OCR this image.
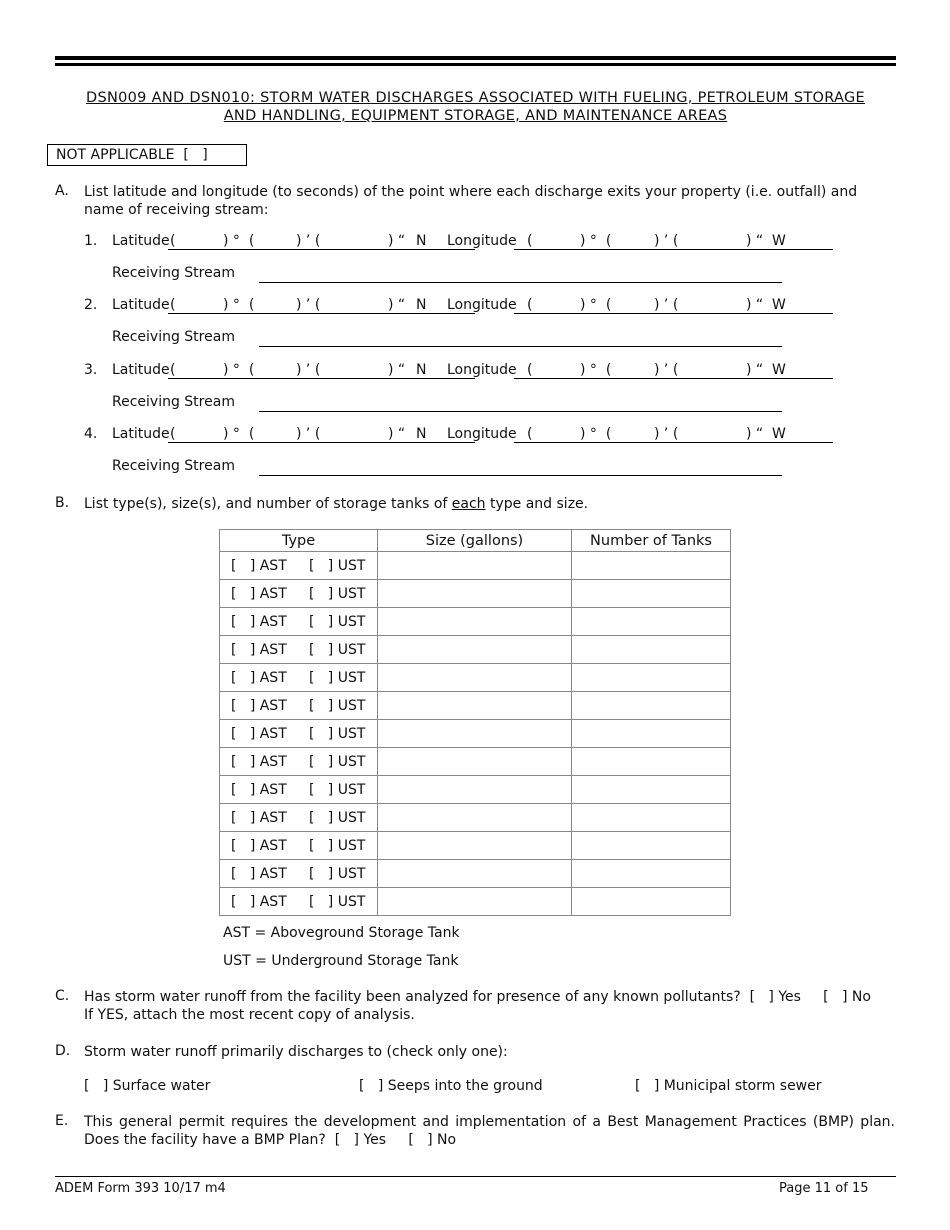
DSN009 AND DSN010: STORM WATER DISCHARGES ASSOCIATED WITH FUELING, PETROLEUM STORAGE
AND HANDLING, EQUIPMENT STORAGE, AND MAINTENANCE AREAS
NOT APPLICABLE  [   ]
A. List latitude and longitude (to seconds) of the point where each discharge exits your property (i.e. outfall) and name of receiving stream:
1. Latitude (	) °  (	) ’ (	) “ N Longitude (	) °  (	) ’ (	) “ W
Receiving Stream
2. Latitude (	) °  (	) ’ (	) “ N Longitude (	) °  (	) ’ (	) “ W
Receiving Stream
3. Latitude (	) °  (	) ’ (	) “ N Longitude (	) °  (	) ’ (	) “ W
Receiving Stream
4. Latitude (	) °  (	) ’ (	) “ N Longitude (	) °  (	) ’ (	) “ W
Receiving Stream
B. List type(s), size(s), and number of storage tanks of each type and size.
Type	Size (gallons)	Number of Tanks
[   ] AST     [   ] UST		
[   ] AST     [   ] UST		
[   ] AST     [   ] UST		
[   ] AST     [   ] UST		
[   ] AST     [   ] UST		
[   ] AST     [   ] UST		
[   ] AST     [   ] UST		
[   ] AST     [   ] UST		
[   ] AST     [   ] UST		
[   ] AST     [   ] UST		
[   ] AST     [   ] UST		
[   ] AST     [   ] UST		
[   ] AST     [   ] UST		
AST = Aboveground Storage Tank
UST = Underground Storage Tank
C. Has storm water runoff from the facility been analyzed for presence of any known pollutants?  [   ] Yes     [   ] No
If YES, attach the most recent copy of analysis.
D. Storm water runoff primarily discharges to (check only one):
[   ] Surface water	[   ] Seeps into the ground	[   ] Municipal storm sewer
E. This general permit requires the development and implementation of a Best Management Practices (BMP) plan.
Does the facility have a BMP Plan?  [   ] Yes     [   ] No
ADEM Form 393 10/17 m4	Page 11 of 15
